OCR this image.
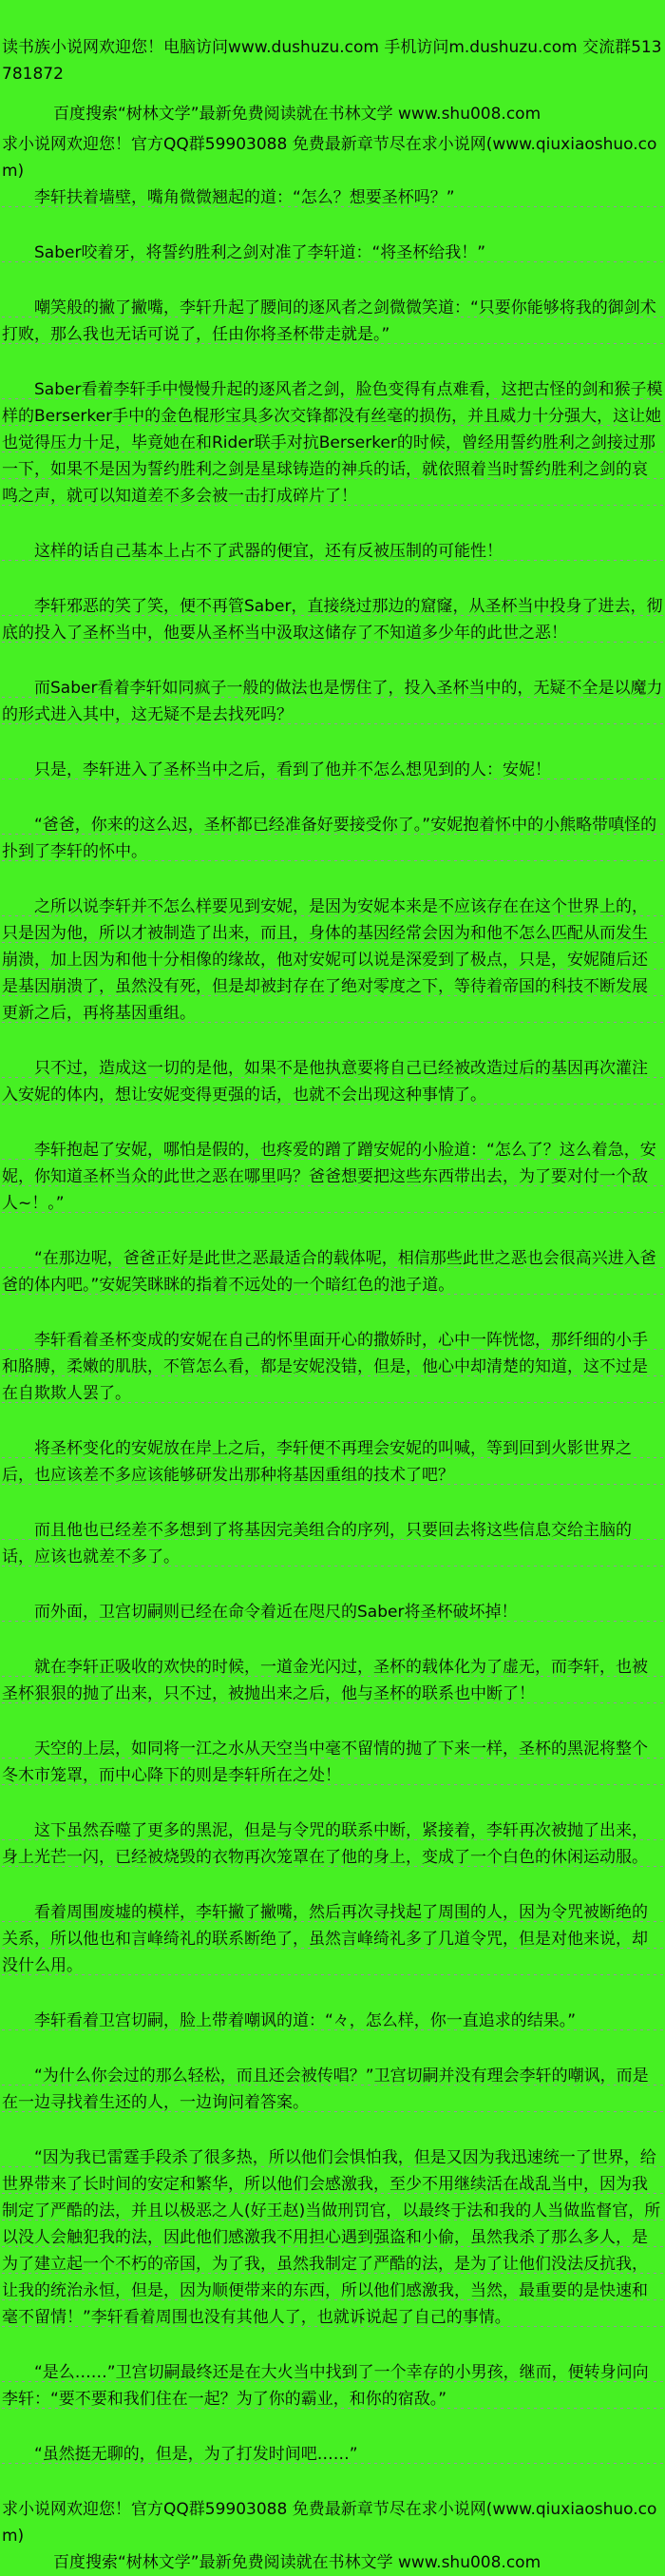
读书族小说网欢迎您！电脑访问www.dushuzu.com 手机访问m.dushuzu.com 交流群513781872

百度搜索“树林文学”最新免费阅读就在书林文学 www.shu008.com

求小说网欢迎您！官方QQ群59903088 免费最新章节尽在求小说网(www.qiuxiaoshuo.com)

李轩扶着墙壁，嘴角微微翘起的道：“怎么？想要圣杯吗？”

Saber咬着牙，将誓约胜利之剑对准了李轩道：“将圣杯给我！”

嘲笑般的撇了撇嘴，李轩升起了腰间的逐风者之剑微微笑道：“只要你能够将我的御剑术打败，那么我也无话可说了，任由你将圣杯带走就是。”

Saber看着李轩手中慢慢升起的逐风者之剑，脸色变得有点难看，这把古怪的剑和猴子模样的Berserker手中的金色棍形宝具多次交锋都没有丝毫的损伤，并且威力十分强大，这让她也觉得压力十足，毕竟她在和Rider联手对抗Berserker的时候，曾经用誓约胜利之剑接过那一下，如果不是因为誓约胜利之剑是星球铸造的神兵的话，就依照着当时誓约胜利之剑的哀鸣之声，就可以知道差不多会被一击打成碎片了！

这样的话自己基本上占不了武器的便宜，还有反被压制的可能性！

李轩邪恶的笑了笑，便不再管Saber，直接绕过那边的窟窿，从圣杯当中投身了进去，彻底的投入了圣杯当中，他要从圣杯当中汲取这储存了不知道多少年的此世之恶！

而Saber看着李轩如同疯子一般的做法也是愣住了，投入圣杯当中的，无疑不全是以魔力的形式进入其中，这无疑不是去找死吗？

只是，李轩进入了圣杯当中之后，看到了他并不怎么想见到的人：安妮！

“爸爸，你来的这么迟，圣杯都已经准备好要接受你了。”安妮抱着怀中的小熊略带嗔怪的扑到了李轩的怀中。

之所以说李轩并不怎么样要见到安妮，是因为安妮本来是不应该存在在这个世界上的，只是因为他，所以才被制造了出来，而且，身体的基因经常会因为和他不怎么匹配从而发生崩溃，加上因为和他十分相像的缘故，他对安妮可以说是深爱到了极点，只是，安妮随后还是基因崩溃了，虽然没有死，但是却被封存在了绝对零度之下，等待着帝国的科技不断发展更新之后，再将基因重组。

只不过，造成这一切的是他，如果不是他执意要将自己已经被改造过后的基因再次灌注入安妮的体内，想让安妮变得更强的话，也就不会出现这种事情了。

李轩抱起了安妮，哪怕是假的，也疼爱的蹭了蹭安妮的小脸道：“怎么了？这么着急，安妮，你知道圣杯当众的此世之恶在哪里吗？爸爸想要把这些东西带出去，为了要对付一个敌人~！。”

“在那边呢，爸爸正好是此世之恶最适合的载体呢，相信那些此世之恶也会很高兴进入爸爸的体内吧。”安妮笑眯眯的指着不远处的一个暗红色的池子道。

李轩看着圣杯变成的安妮在自己的怀里面开心的撒娇时，心中一阵恍惚，那纤细的小手和胳膊，柔嫩的肌肤，不管怎么看，都是安妮没错，但是，他心中却清楚的知道，这不过是在自欺欺人罢了。

将圣杯变化的安妮放在岸上之后，李轩便不再理会安妮的叫喊，等到回到火影世界之后，也应该差不多应该能够研发出那种将基因重组的技术了吧？

而且他也已经差不多想到了将基因完美组合的序列，只要回去将这些信息交给主脑的话，应该也就差不多了。

而外面，卫宫切嗣则已经在命令着近在咫尺的Saber将圣杯破坏掉！

就在李轩正吸收的欢快的时候，一道金光闪过，圣杯的载体化为了虚无，而李轩，也被圣杯狠狠的抛了出来，只不过，被抛出来之后，他与圣杯的联系也中断了！

天空的上层，如同将一江之水从天空当中毫不留情的抛了下来一样，圣杯的黑泥将整个冬木市笼罩，而中心降下的则是李轩所在之处！

这下虽然吞噬了更多的黑泥，但是与令咒的联系中断，紧接着，李轩再次被抛了出来，身上光芒一闪，已经被烧毁的衣物再次笼罩在了他的身上，变成了一个白色的休闲运动服。

看着周围废墟的模样，李轩撇了撇嘴，然后再次寻找起了周围的人，因为令咒被断绝的关系，所以他也和言峰绮礼的联系断绝了，虽然言峰绮礼多了几道令咒，但是对他来说，却没什么用。

李轩看着卫宫切嗣，脸上带着嘲讽的道：“々，怎么样，你一直追求的结果。”

“为什么你会过的那么轻松，而且还会被传唱？”卫宫切嗣并没有理会李轩的嘲讽，而是在一边寻找着生还的人，一边询问着答案。

“因为我已雷霆手段杀了很多热，所以他们会惧怕我，但是又因为我迅速统一了世界，给世界带来了长时间的安定和繁华，所以他们会感激我，至少不用继续活在战乱当中，因为我制定了严酷的法，并且以极恶之人(好王赵)当做刑罚官，以最终于法和我的人当做监督官，所以没人会触犯我的法，因此他们感激我不用担心遇到强盗和小偷，虽然我杀了那么多人，是为了建立起一个不朽的帝国，为了我，虽然我制定了严酷的法，是为了让他们没法反抗我，让我的统治永恒，但是，因为顺便带来的东西，所以他们感激我，当然，最重要的是快速和毫不留情！”李轩看着周围也没有其他人了，也就诉说起了自己的事情。

“是么……”卫宫切嗣最终还是在大火当中找到了一个幸存的小男孩，继而，便转身问向李轩：“要不要和我们住在一起？为了你的霸业，和你的宿敌。”

“虽然挺无聊的，但是，为了打发时间吧……”

求小说网欢迎您！官方QQ群59903088 免费最新章节尽在求小说网(www.qiuxiaoshuo.com)

百度搜索“树林文学”最新免费阅读就在书林文学 www.shu008.com
